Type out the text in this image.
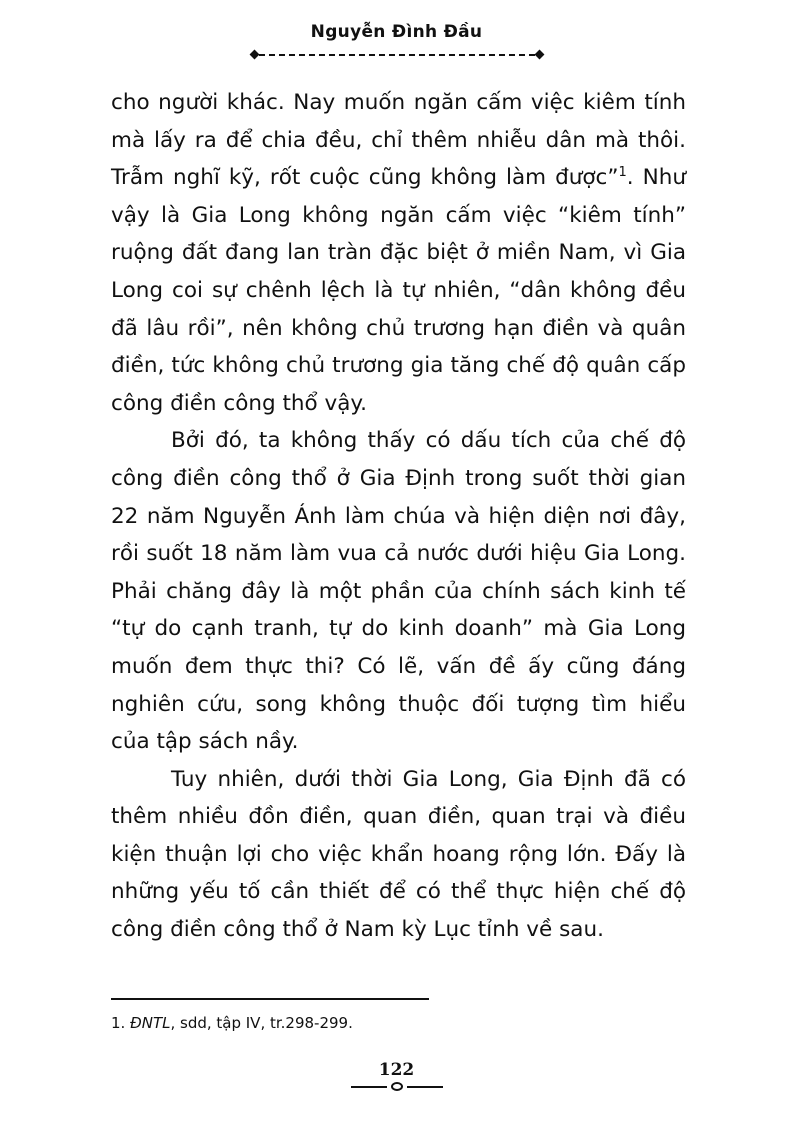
Nguyễn Đình Đầu

cho người khác. Nay muốn ngăn cấm việc kiêm tính mà lấy ra để chia đều, chỉ thêm nhiễu dân mà thôi. Trẫm nghĩ kỹ, rốt cuộc cũng không làm được”$^1$. Như vậy là Gia Long không ngăn cấm việc “kiêm tính” ruộng đất đang lan tràn đặc biệt ở miền Nam, vì Gia Long coi sự chênh lệch là tự nhiên, “dân không đều đã lâu rồi”, nên không chủ trương hạn điền và quân điền, tức không chủ trương gia tăng chế độ quân cấp công điền công thổ vậy.

Bởi đó, ta không thấy có dấu tích của chế độ công điền công thổ ở Gia Định trong suốt thời gian 22 năm Nguyễn Ánh làm chúa và hiện diện nơi đây, rồi suốt 18 năm làm vua cả nước dưới hiệu Gia Long. Phải chăng đây là một phần của chính sách kinh tế “tự do cạnh tranh, tự do kinh doanh” mà Gia Long muốn đem thực thi? Có lẽ, vấn đề ấy cũng đáng nghiên cứu, song không thuộc đối tượng tìm hiểu của tập sách nầy.

Tuy nhiên, dưới thời Gia Long, Gia Định đã có thêm nhiều đồn điền, quan điền, quan trại và điều kiện thuận lợi cho việc khẩn hoang rộng lớn. Đấy là những yếu tố cần thiết để có thể thực hiện chế độ công điền công thổ ở Nam kỳ Lục tỉnh về sau.

1. ĐNTL, sdd, tập IV, tr.298-299.
122
